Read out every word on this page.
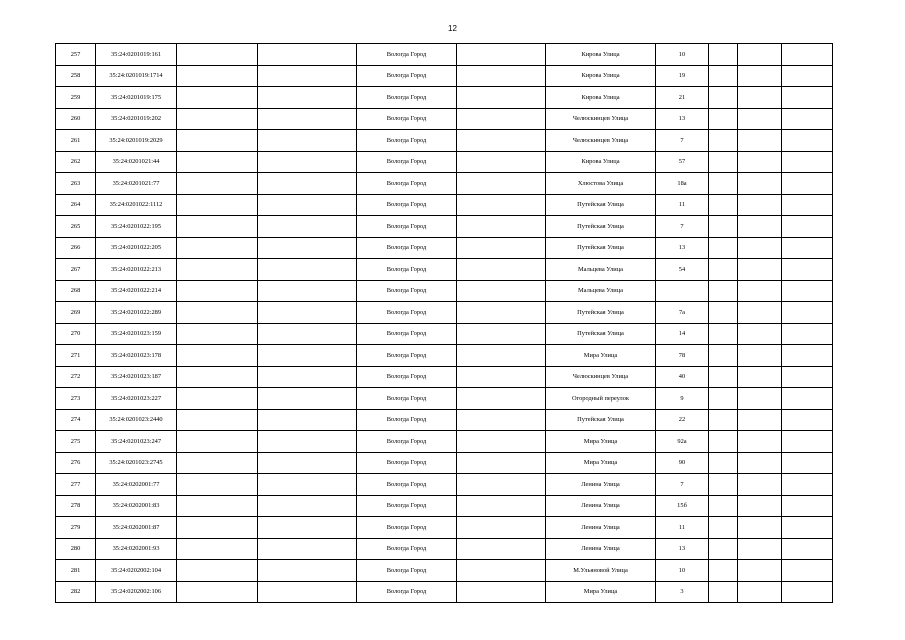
12
257	35:24:0201019:161			Вологда Город		Кирова Улица	10			
258	35:24:0201019:1714			Вологда Город		Кирова Улица	19			
259	35:24:0201019:175			Вологда Город		Кирова Улица	21			
260	35:24:0201019:202			Вологда Город		Челюскинцев Улица	13			
261	35:24:0201019:2029			Вологда Город		Челюскинцев Улица	7			
262	35:24:0201021:44			Вологда Город		Кирова Улица	57			
263	35:24:0201021:77			Вологда Город		Хлюстова Улица	18а			
264	35:24:0201022:1112			Вологда Город		Путейская Улица	11			
265	35:24:0201022:195			Вологда Город		Путейская Улица	7			
266	35:24:0201022:205			Вологда Город		Путейская Улица	13			
267	35:24:0201022:213			Вологда Город		Мальцева Улица	54			
268	35:24:0201022:214			Вологда Город		Мальцева Улица				
269	35:24:0201022:289			Вологда Город		Путейская Улица	7а			
270	35:24:0201023:159			Вологда Город		Путейская Улица	14			
271	35:24:0201023:178			Вологда Город		Мира Улица	78			
272	35:24:0201023:187			Вологда Город		Челюскинцев Улица	40			
273	35:24:0201023:227			Вологда Город		Огородный переулок	9			
274	35:24:0201023:2440			Вологда Город		Путейская Улица	22			
275	35:24:0201023:247			Вологда Город		Мира Улица	92а			
276	35:24:0201023:2745			Вологда Город		Мира Улица	90			
277	35:24:0202001:77			Вологда Город		Ленина Улица	7			
278	35:24:0202001:83			Вологда Город		Ленина Улица	15б			
279	35:24:0202001:87			Вологда Город		Ленина Улица	11			
280	35:24:0202001:93			Вологда Город		Ленина Улица	13			
281	35:24:0202002:104			Вологда Город		М.Ульяновой Улица	10			
282	35:24:0202002:106			Вологда Город		Мира Улица	3			
